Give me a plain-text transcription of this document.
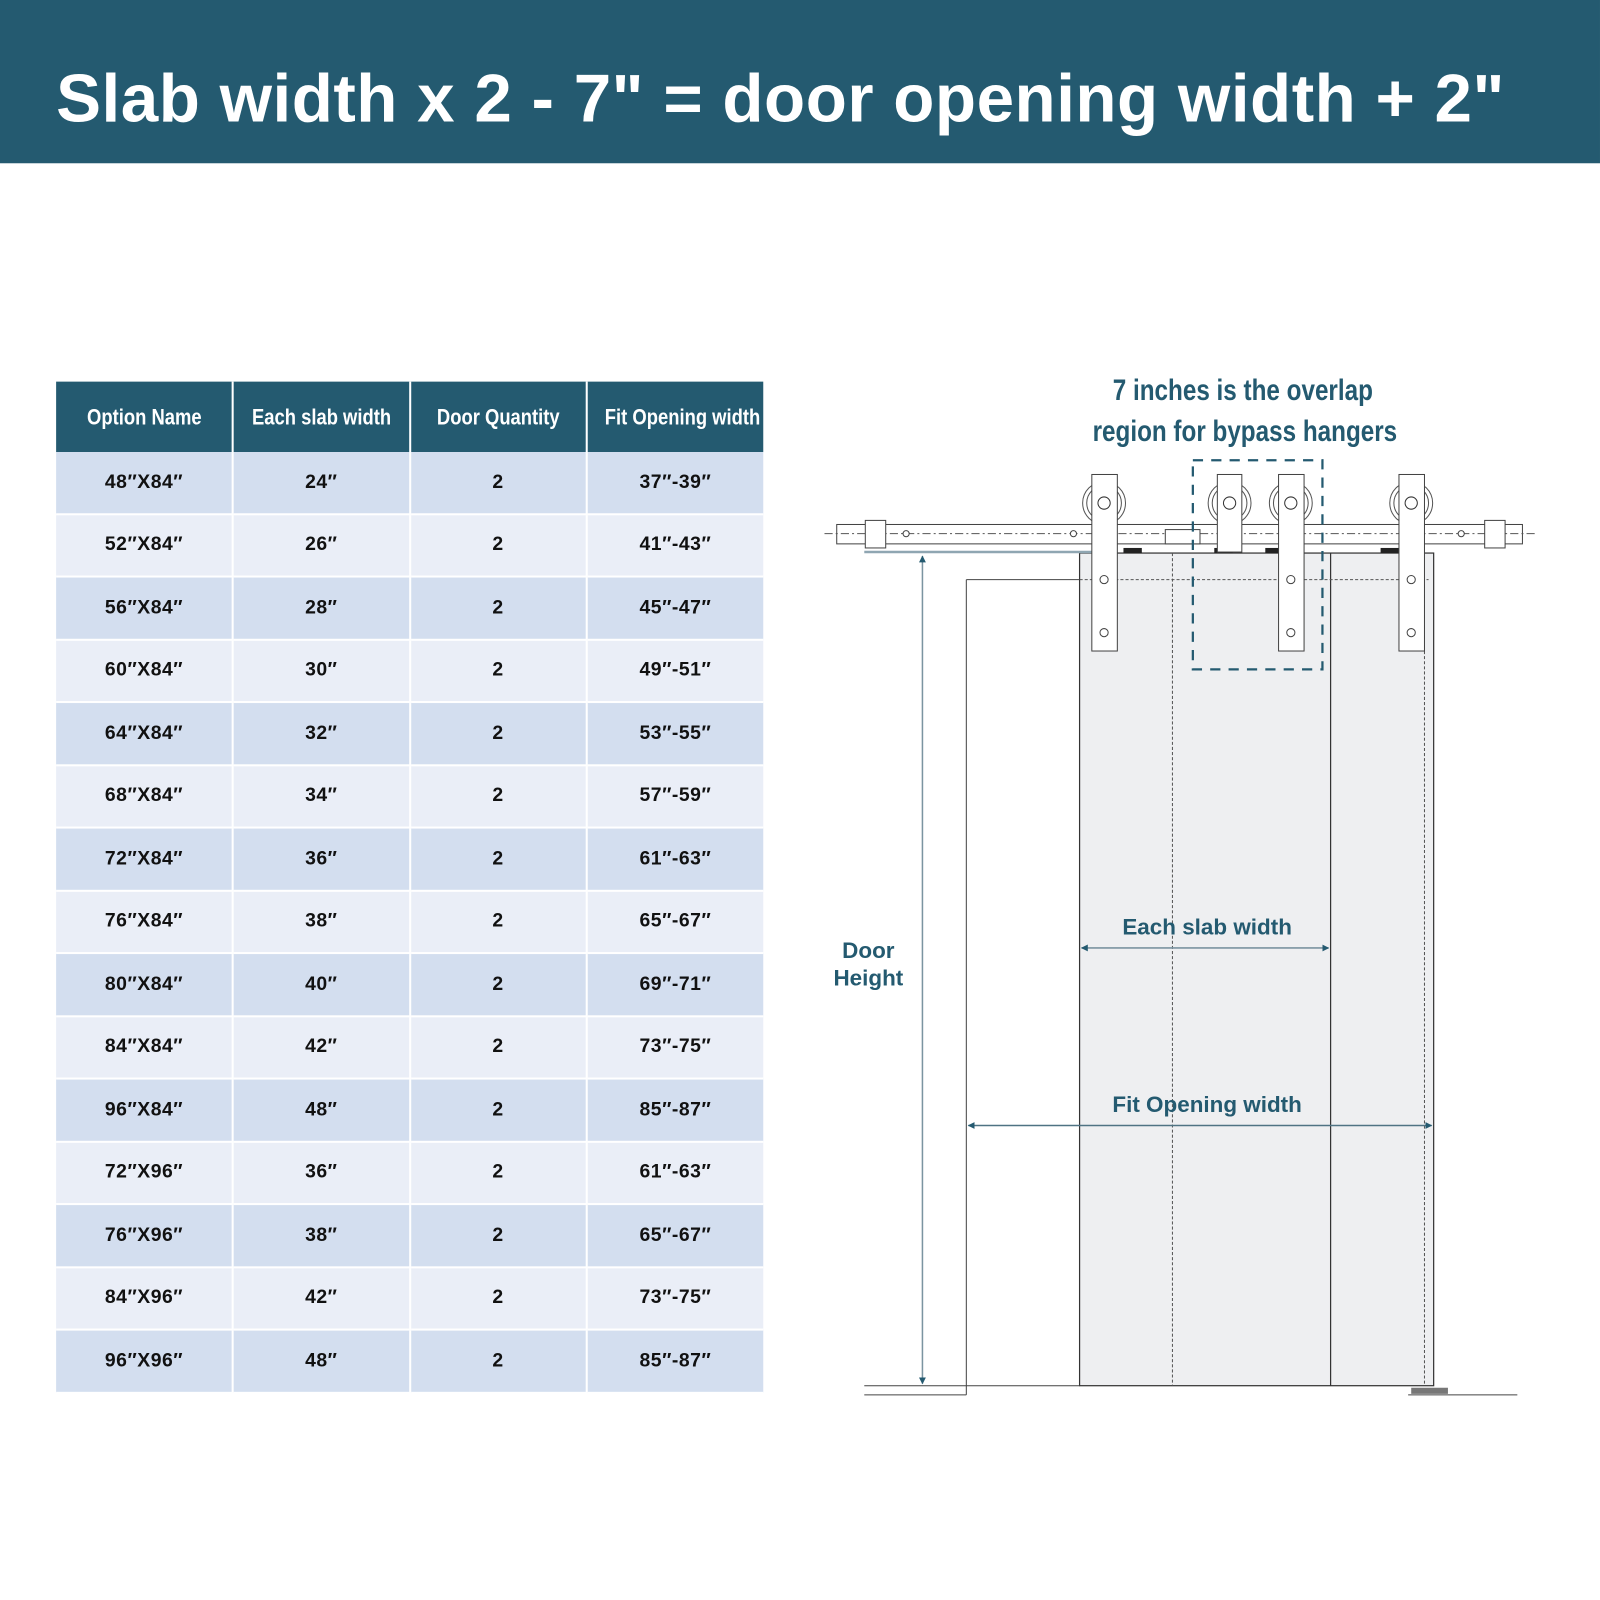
Slab width x 2 - 7" = door opening width + 2"
Option Name	Each slab width	Door Quantity	Fit Opening width
48″X84″	24″	2	37″-39″
52″X84″	26″	2	41″-43″
56″X84″	28″	2	45″-47″
60″X84″	30″	2	49″-51″
64″X84″	32″	2	53″-55″
68″X84″	34″	2	57″-59″
72″X84″	36″	2	61″-63″
76″X84″	38″	2	65″-67″
80″X84″	40″	2	69″-71″
84″X84″	42″	2	73″-75″
96″X84″	48″	2	85″-87″
72″X96″	36″	2	61″-63″
76″X96″	38″	2	65″-67″
84″X96″	42″	2	73″-75″
96″X96″	48″	2	85″-87″
7 inches is the overlap
region for bypass hangers
Door
Height
Each slab width
Fit Opening width
